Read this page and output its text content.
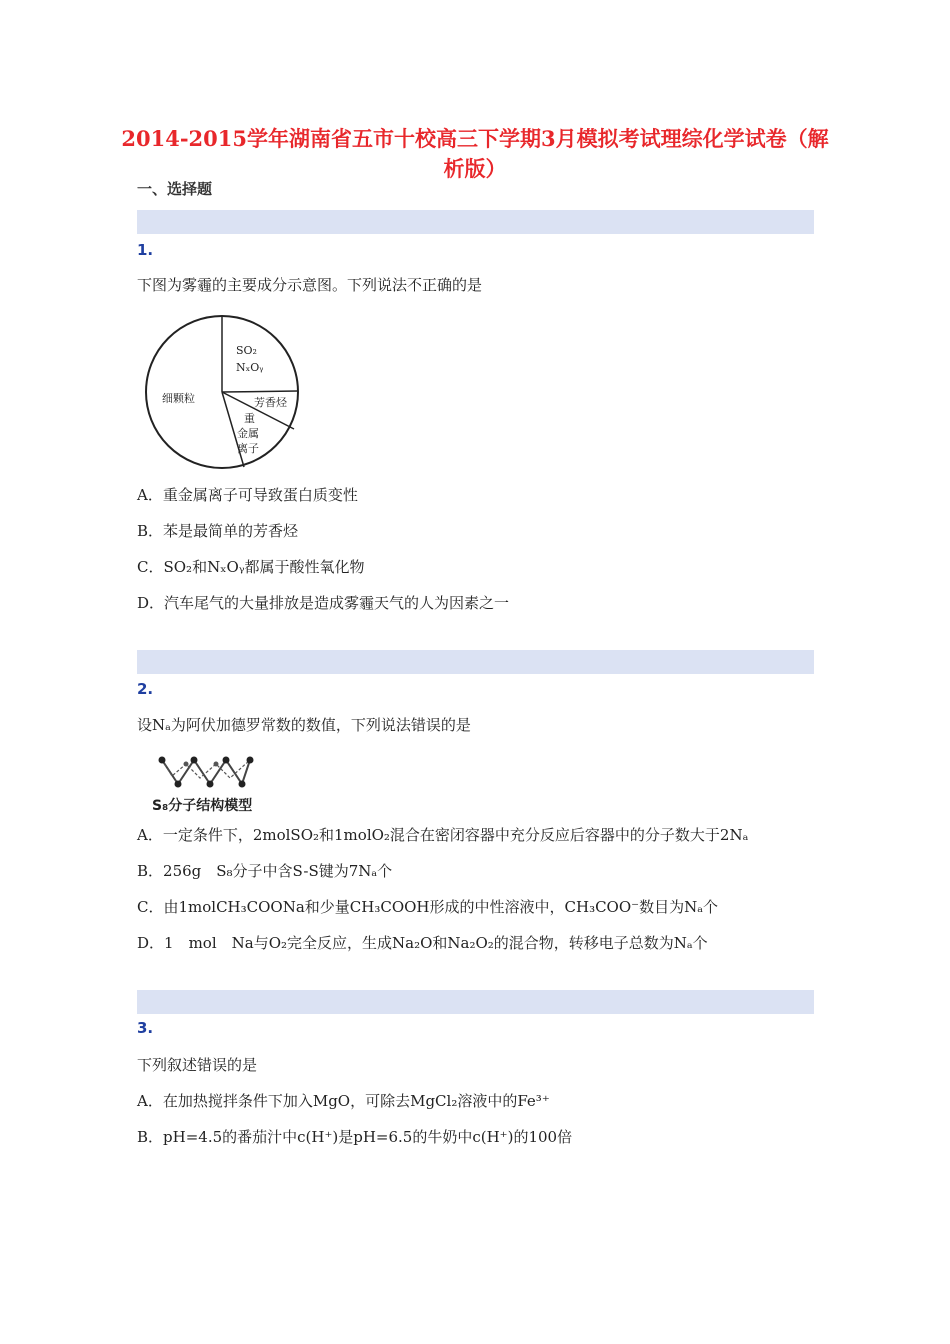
2014-2015学年湖南省五市十校高三下学期3月模拟考试理综化学试卷（解析版）
一、选择题
1.
下图为雾霾的主要成分示意图。下列说法不正确的是
细颗粒
SO₂
NₓOᵧ
芳香烃
重
金属
离子
A．重金属离子可导致蛋白质变性
B．苯是最简单的芳香烃
C．SO₂和NₓOᵧ都属于酸性氧化物
D．汽车尾气的大量排放是造成雾霾天气的人为因素之一
2.
设Nₐ为阿伏加德罗常数的数值，下列说法错误的是
S₈分子结构模型
A．一定条件下，2molSO₂和1molO₂混合在密闭容器中充分反应后容器中的分子数大于2Nₐ
B．256g　S₈分子中含S-S键为7Nₐ个
C．由1molCH₃COONa和少量CH₃COOH形成的中性溶液中，CH₃COO⁻数目为Nₐ个
D．1　mol　Na与O₂完全反应，生成Na₂O和Na₂O₂的混合物，转移电子总数为Nₐ个
3.
下列叙述错误的是
A．在加热搅拌条件下加入MgO，可除去MgCl₂溶液中的Fe³⁺
B．pH=4.5的番茄汁中c(H⁺)是pH=6.5的牛奶中c(H⁺)的100倍
